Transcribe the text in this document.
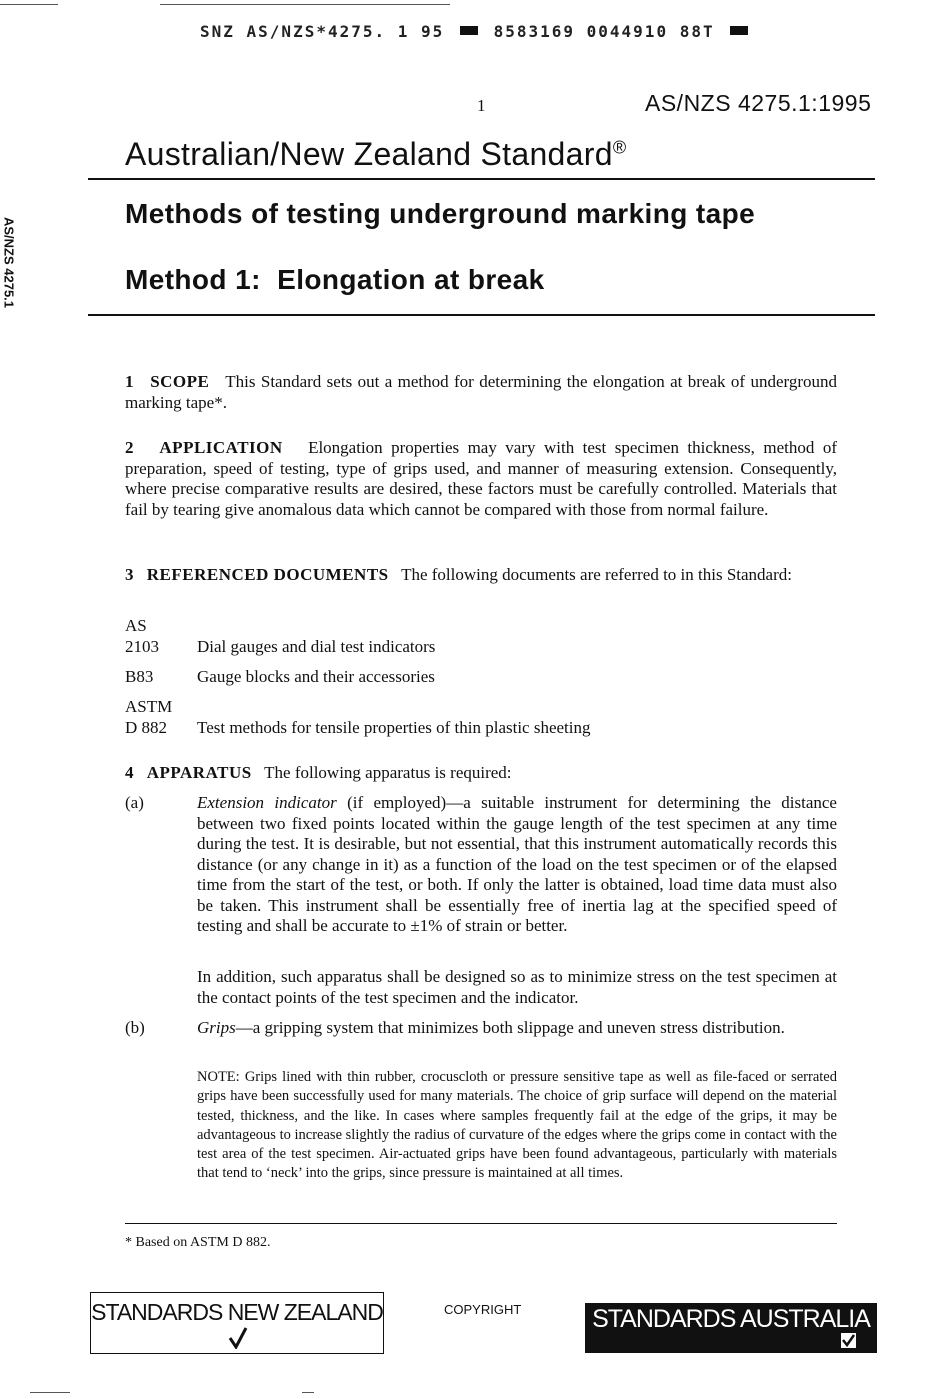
SNZ AS/NZS*4275. 1 95	8583169 0044910 88T
AS/NZS 4275.1
1	AS/NZS 4275.1:1995
Australian/New Zealand Standard®
Methods of testing underground marking tape
Method 1:  Elongation at break
1 SCOPE This Standard sets out a method for determining the elongation at break of underground marking tape*.
2 APPLICATION Elongation properties may vary with test specimen thickness, method of preparation, speed of testing, type of grips used, and manner of measuring extension. Consequently, where precise comparative results are desired, these factors must be carefully controlled. Materials that fail by tearing give anomalous data which cannot be compared with those from normal failure.
3 REFERENCED DOCUMENTS The following documents are referred to in this Standard:
AS
2103 Dial gauges and dial test indicators
B83	Gauge blocks and their accessories
ASTM
D 882 Test methods for tensile properties of thin plastic sheeting
4 APPARATUS The following apparatus is required:
(a)	Extension indicator (if employed)—a suitable instrument for determining the distance between two fixed points located within the gauge length of the test specimen at any time during the test. It is desirable, but not essential, that this instrument automatically records this distance (or any change in it) as a function of the load on the test specimen or of the elapsed time from the start of the test, or both. If only the latter is obtained, load time data must also be taken. This instrument shall be essentially free of inertia lag at the specified speed of testing and shall be accurate to ±1% of strain or better.
In addition, such apparatus shall be designed so as to minimize stress on the test specimen at the contact points of the test specimen and the indicator.
(b)	Grips—a gripping system that minimizes both slippage and uneven stress distribution.
NOTE: Grips lined with thin rubber, crocuscloth or pressure sensitive tape as well as file-faced or serrated grips have been successfully used for many materials. The choice of grip surface will depend on the material tested, thickness, and the like. In cases where samples frequently fail at the edge of the grips, it may be advantageous to increase slightly the radius of curvature of the edges where the grips come in contact with the test area of the test specimen. Air-actuated grips have been found advantageous, particularly with materials that tend to ‘neck’ into the grips, since pressure is maintained at all times.
* Based on ASTM D 882.
STANDARDS NEW ZEALAND	COPYRIGHT	STANDARDS AUSTRALIA
